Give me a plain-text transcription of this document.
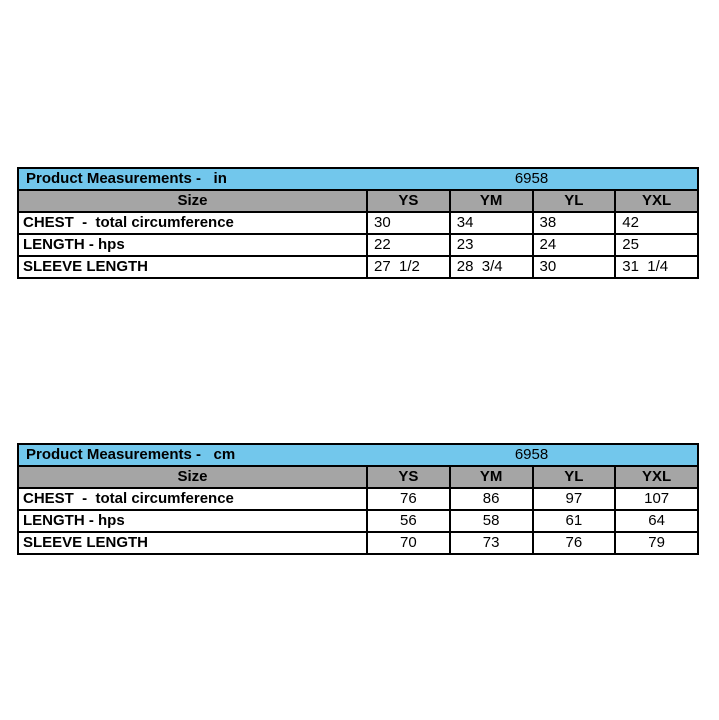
Product Measurements -   in	6958
Size	YS	YM	YL	YXL
CHEST  -  total circumference	30	34	38	42
LENGTH - hps	22	23	24	25
SLEEVE LENGTH	27  1/2	28  3/4	30	31  1/4
Product Measurements -   cm	6958
Size	YS	YM	YL	YXL
CHEST  -  total circumference	76	86	97	107
LENGTH - hps	56	58	61	64
SLEEVE LENGTH	70	73	76	79
